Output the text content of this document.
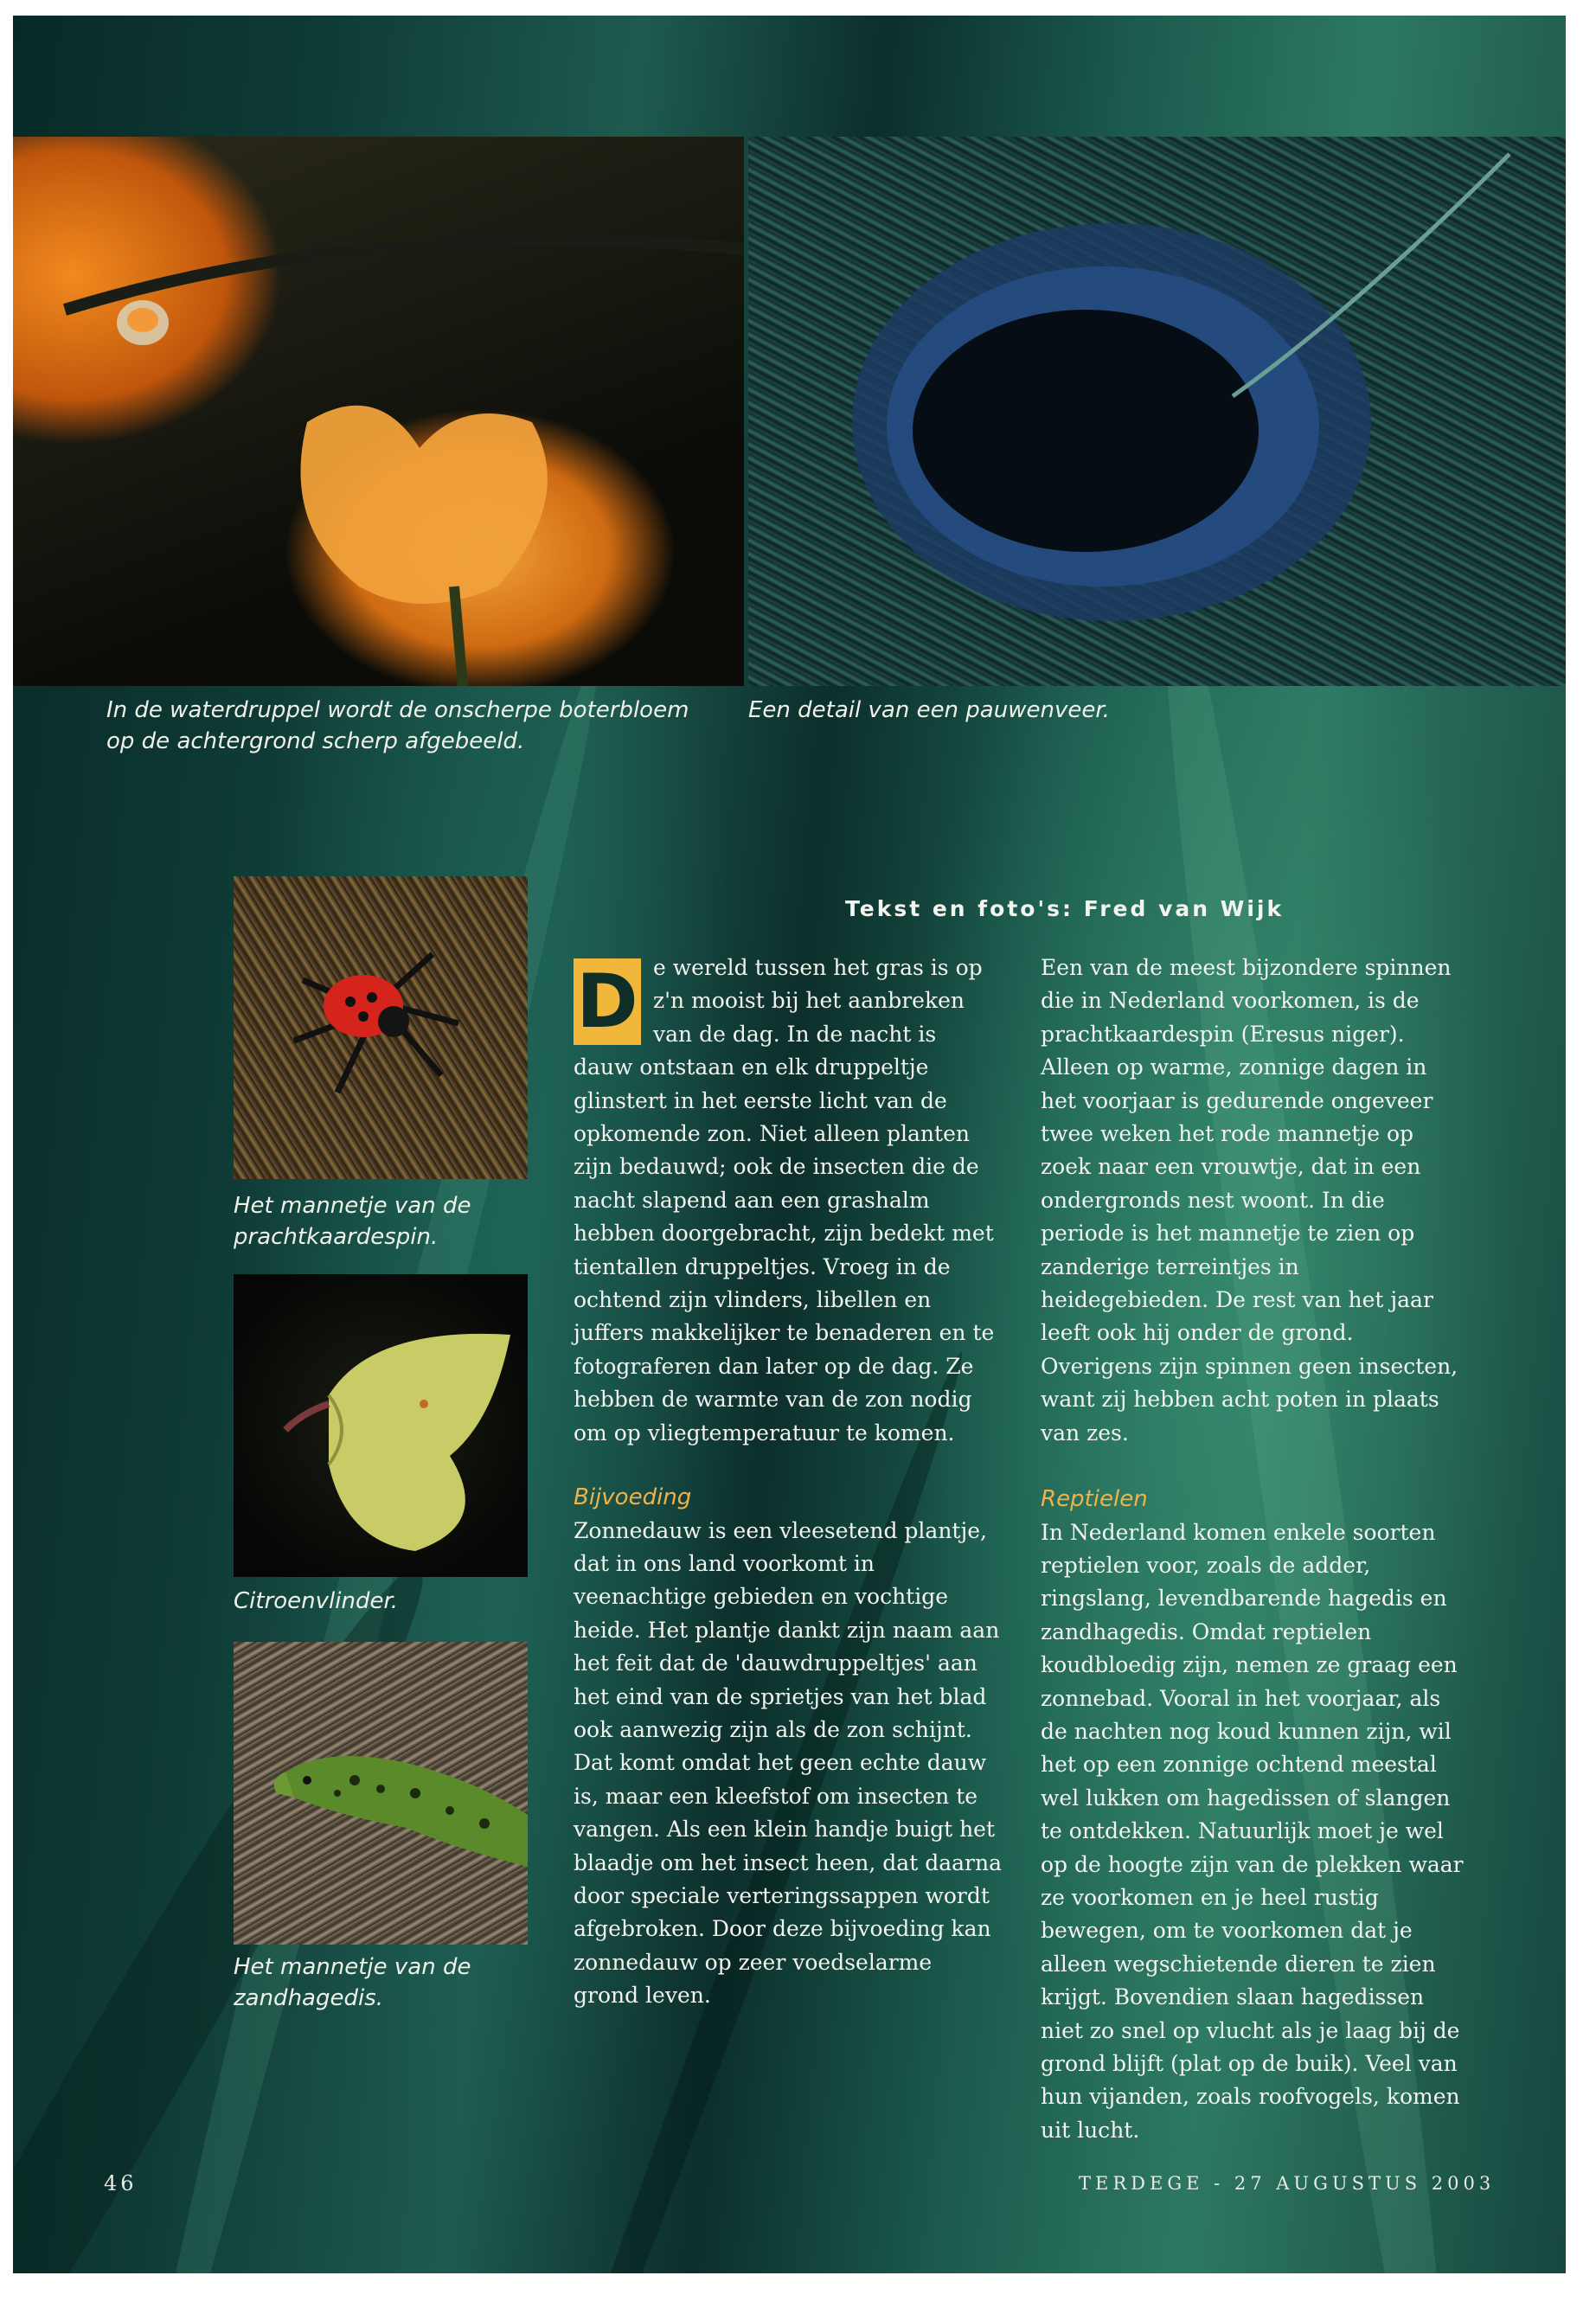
In de waterdruppel wordt de onscherpe boterbloem op de achtergrond scherp afgebeeld.
Een detail van een pauwenveer.
Het mannetje van de prachtkaardespin.
Citroenvlinder.
Het mannetje van de zandhagedis.
Tekst en foto's: Fred van Wijk

D e wereld tussen het gras is op z'n mooist bij het aanbreken van de dag. In de nacht is dauw ontstaan en elk druppeltje glinstert in het eerste licht van de opkomende zon. Niet alleen planten zijn bedauwd; ook de insecten die de nacht slapend aan een grashalm hebben doorgebracht, zijn bedekt met tientallen druppeltjes. Vroeg in de ochtend zijn vlinders, libellen en juffers makkelijker te benaderen en te fotograferen dan later op de dag. Ze hebben de warmte van de zon nodig om op vliegtemperatuur te komen.

Bijvoeding

Zonnedauw is een vleesetend plantje, dat in ons land voorkomt in veenachtige gebieden en vochtige heide. Het plantje dankt zijn naam aan het feit dat de 'dauwdruppeltjes' aan het eind van de sprietjes van het blad ook aanwezig zijn als de zon schijnt. Dat komt omdat het geen echte dauw is, maar een kleefstof om insecten te vangen. Als een klein handje buigt het blaadje om het insect heen, dat daarna door speciale verteringssappen wordt afgebroken. Door deze bijvoeding kan zonnedauw op zeer voedselarme grond leven.

Een van de meest bijzondere spinnen die in Nederland voorkomen, is de prachtkaardespin (Eresus niger). Alleen op warme, zonnige dagen in het voorjaar is gedurende ongeveer twee weken het rode mannetje op zoek naar een vrouwtje, dat in een ondergronds nest woont. In die periode is het mannetje te zien op zanderige terreintjes in heidegebieden. De rest van het jaar leeft ook hij onder de grond. Overigens zijn spinnen geen insecten, want zij hebben acht poten in plaats van zes.

Reptielen

In Nederland komen enkele soorten reptielen voor, zoals de adder, ringslang, levendbarende hagedis en zandhagedis. Omdat reptielen koudbloedig zijn, nemen ze graag een zonnebad. Vooral in het voorjaar, als de nachten nog koud kunnen zijn, wil het op een zonnige ochtend meestal wel lukken om hagedissen of slangen te ontdekken. Natuurlijk moet je wel op de hoogte zijn van de plekken waar ze voorkomen en je heel rustig bewegen, om te voorkomen dat je alleen wegschietende dieren te zien krijgt. Bovendien slaan hagedissen niet zo snel op vlucht als je laag bij de grond blijft (plat op de buik). Veel van hun vijanden, zoals roofvogels, komen uit lucht.

46	TERDEGE - 27 AUGUSTUS 2003
